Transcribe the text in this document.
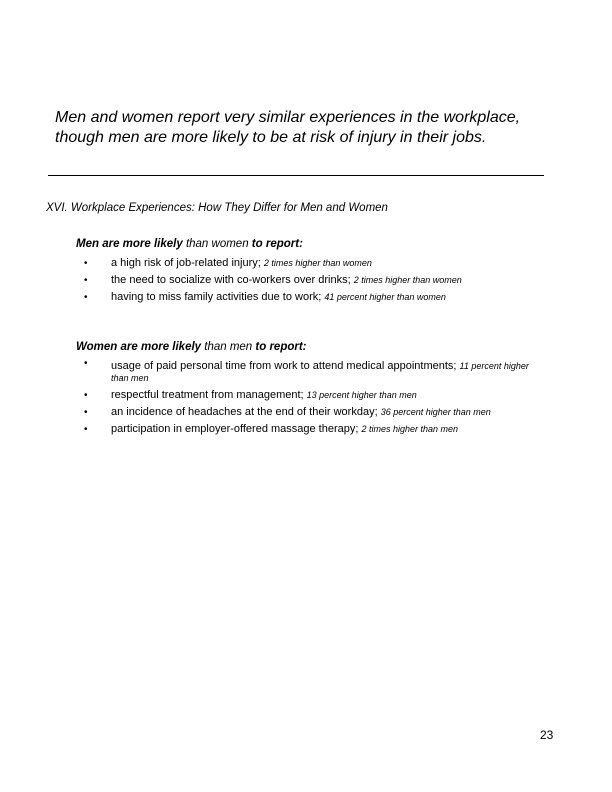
Men and women report very similar experiences in the workplace,
though men are more likely to be at risk of injury in their jobs.
XVI. Workplace Experiences: How They Differ for Men and Women
Men are more likely than women to report:
• a high risk of job-related injury; 2 times higher than women
• the need to socialize with co-workers over drinks; 2 times higher than women
• having to miss family activities due to work; 41 percent higher than women
Women are more likely than men to report:
• usage of paid personal time from work to attend medical appointments; 11 percent higher than men
• respectful treatment from management; 13 percent higher than men
• an incidence of headaches at the end of their workday; 36 percent higher than men
• participation in employer-offered massage therapy; 2 times higher than men
23
